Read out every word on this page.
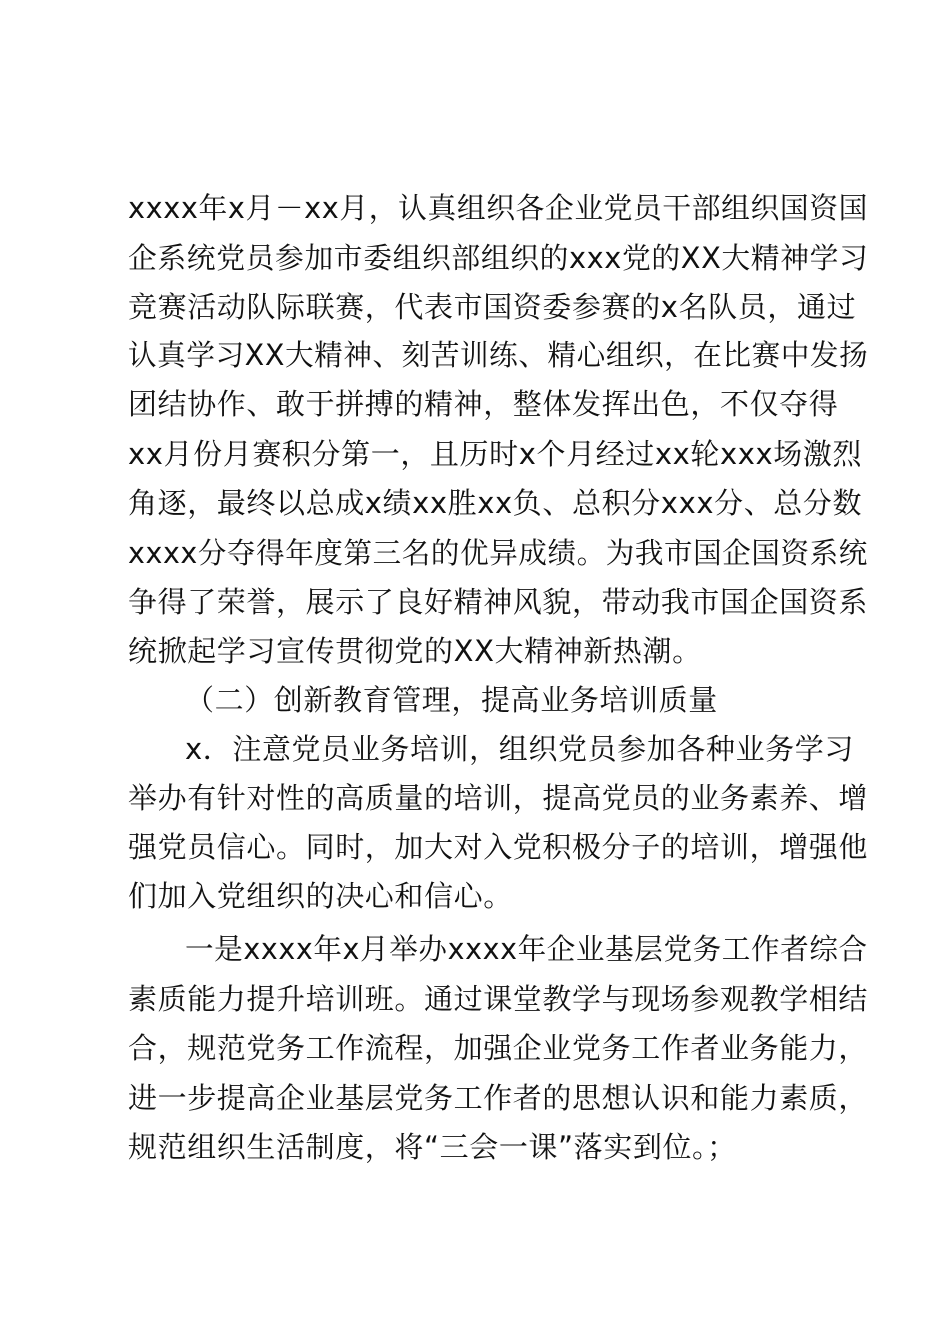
xxxx年x月－xx月，认真组织各企业党员干部组织国资国
企系统党员参加市委组织部组织的xxx党的XX大精神学习
竞赛活动队际联赛，代表市国资委参赛的x名队员，通过
认真学习XX大精神、刻苦训练、精心组织，在比赛中发扬
团结协作、敢于拼搏的精神，整体发挥出色，不仅夺得
xx月份月赛积分第一，且历时x个月经过xx轮xxx场激烈
角逐，最终以总成x绩xx胜xx负、总积分xxx分、总分数
xxxx分夺得年度第三名的优异成绩。为我市国企国资系统
争得了荣誉，展示了良好精神风貌，带动我市国企国资系
统掀起学习宣传贯彻党的XX大精神新热潮。
（二）创新教育管理，提高业务培训质量
x．注意党员业务培训，组织党员参加各种业务学习
举办有针对性的高质量的培训，提高党员的业务素养、增
强党员信心。同时，加大对入党积极分子的培训，增强他
们加入党组织的决心和信心。
一是xxxx年x月举办xxxx年企业基层党务工作者综合
素质能力提升培训班。通过课堂教学与现场参观教学相结
合，规范党务工作流程，加强企业党务工作者业务能力，
进一步提高企业基层党务工作者的思想认识和能力素质，
规范组织生活制度，将“三会一课”落实到位。；
